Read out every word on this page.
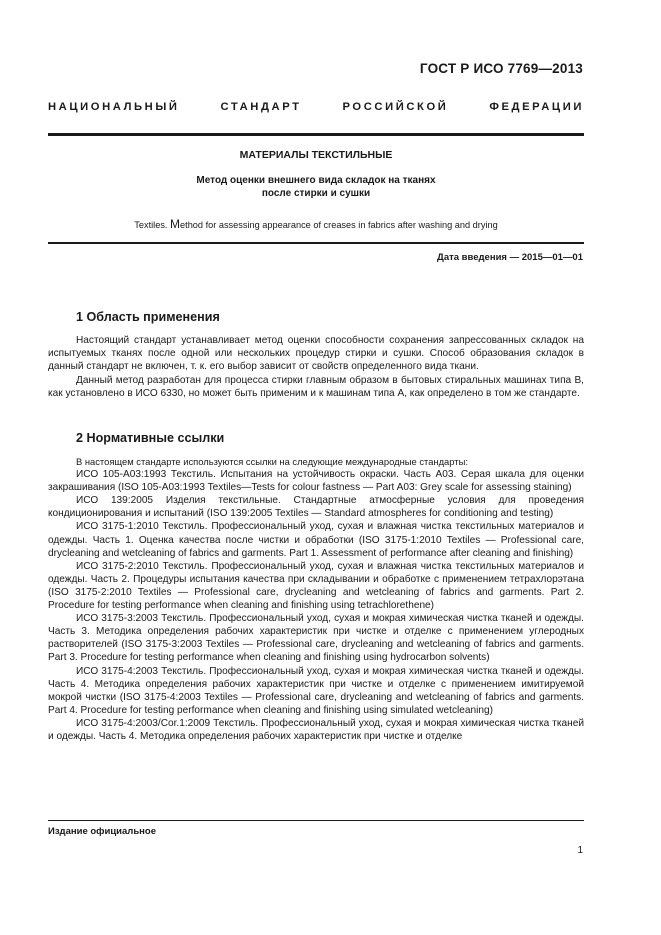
ГОСТ Р ИСО 7769—2013
НАЦИОНАЛЬНЫЙ СТАНДАРТ РОССИЙСКОЙ ФЕДЕРАЦИИ
МАТЕРИАЛЫ ТЕКСТИЛЬНЫЕ
Метод оценки внешнего вида складок на тканях
после стирки и сушки
Textiles. Method for assessing appearance of creases in fabrics after washing and drying
Дата введения — 2015—01—01
1 Область применения

Настоящий стандарт устанавливает метод оценки способности сохранения запрессованных складок на испытуемых тканях после одной или нескольких процедур стирки и сушки. Способ образования складок в данный стандарт не включен, т. к. его выбор зависит от свойств определенного вида ткани.

Данный метод разработан для процесса стирки главным образом в бытовых стиральных машинах типа В, как установлено в ИСО 6330, но может быть применим и к машинам типа А, как определено в том же стандарте.

2 Нормативные ссылки

В настоящем стандарте используются ссылки на следующие международные стандарты:

ИСО 105-A03:1993 Текстиль. Испытания на устойчивость окраски. Часть А03. Серая шкала для оценки закрашивания (ISO 105-A03:1993 Textiles—Tests for colour fastness — Part A03: Grey scale for assessing staining)

ИСО 139:2005 Изделия текстильные. Стандартные атмосферные условия для проведения кондиционирования и испытаний (ISO 139:2005 Textiles — Standard atmospheres for conditioning and testing)

ИСО 3175-1:2010 Текстиль. Профессиональный уход, сухая и влажная чистка текстильных материалов и одежды. Часть 1. Оценка качества после чистки и обработки (ISO 3175-1:2010 Textiles — Professional care, drycleaning and wetcleaning of fabrics and garments. Part 1. Assessment of performance after cleaning and finishing)

ИСО 3175-2:2010 Текстиль. Профессиональный уход, сухая и влажная чистка текстильных материалов и одежды. Часть 2. Процедуры испытания качества при складывании и обработке с применением тетрахлорэтана (ISO 3175-2:2010 Textiles — Professional care, drycleaning and wetcleaning of fabrics and garments. Part 2. Procedure for testing performance when cleaning and finishing using tetrachlorethene)

ИСО 3175-3:2003 Текстиль. Профессиональный уход, сухая и мокрая химическая чистка тканей и одежды. Часть 3. Методика определения рабочих характеристик при чистке и отделке с применением углеродных растворителей (ISO 3175-3:2003 Textiles — Professional care, drycleaning and wetcleaning of fabrics and garments. Part 3. Procedure for testing performance when cleaning and finishing using hydrocarbon solvents)

ИСО 3175-4:2003 Текстиль. Профессиональный уход, сухая и мокрая химическая чистка тканей и одежды. Часть 4. Методика определения рабочих характеристик при чистке и отделке с применением имитируемой мокрой чистки (ISO 3175-4:2003 Textiles — Professional care, drycleaning and wetcleaning of fabrics and garments. Part 4. Procedure for testing performance when cleaning and finishing using simulated wetcleaning)

ИСО 3175-4:2003/Cor.1:2009 Текстиль. Профессиональный уход, сухая и мокрая химическая чистка тканей и одежды. Часть 4. Методика определения рабочих характеристик при чистке и отделке

Издание официальное
1
